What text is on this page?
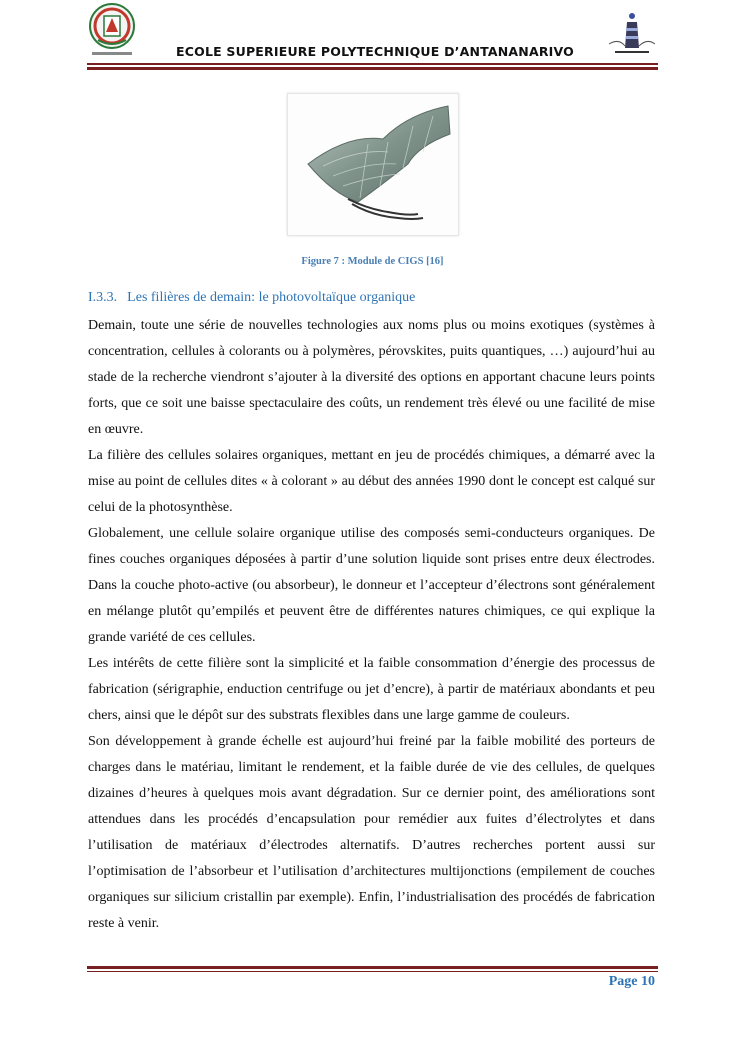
ECOLE SUPERIEURE POLYTECHNIQUE D’ANTANANARIVO
Figure 7 : Module de CIGS [16]
I.3.3. Les filières de demain: le photovoltaïque organique

Demain, toute une série de nouvelles technologies aux noms plus ou moins exotiques (systèmes à concentration, cellules à colorants ou à polymères, pérovskites, puits quantiques, …) aujourd’hui au stade de la recherche viendront s’ajouter à la diversité des options en apportant chacune leurs points forts, que ce soit une baisse spectaculaire des coûts, un rendement très élevé ou une facilité de mise en œuvre.

La filière des cellules solaires organiques, mettant en jeu de procédés chimiques, a démarré avec la mise au point de cellules dites « à colorant » au début des années 1990 dont le concept est calqué sur celui de la photosynthèse.

Globalement, une cellule solaire organique utilise des composés semi-conducteurs organiques. De fines couches organiques déposées à partir d’une solution liquide sont prises entre deux électrodes. Dans la couche photo-active (ou absorbeur), le donneur et l’accepteur d’électrons sont généralement en mélange plutôt qu’empilés et peuvent être de différentes natures chimiques, ce qui explique la grande variété de ces cellules.

Les intérêts de cette filière sont la simplicité et la faible consommation d’énergie des processus de fabrication (sérigraphie, enduction centrifuge ou jet d’encre), à partir de matériaux abondants et peu chers, ainsi que le dépôt sur des substrats flexibles dans une large gamme de couleurs.

Son développement à grande échelle est aujourd’hui freiné par la faible mobilité des porteurs de charges dans le matériau, limitant le rendement, et la faible durée de vie des cellules, de quelques dizaines d’heures à quelques mois avant dégradation. Sur ce dernier point, des améliorations sont attendues dans les procédés d’encapsulation pour remédier aux fuites d’électrolytes et dans l’utilisation de matériaux d’électrodes alternatifs. D’autres recherches portent aussi sur l’optimisation de l’absorbeur et l’utilisation d’architectures multijonctions (empilement de couches organiques sur silicium cristallin par exemple). Enfin, l’industrialisation des procédés de fabrication reste à venir.

Page 10
